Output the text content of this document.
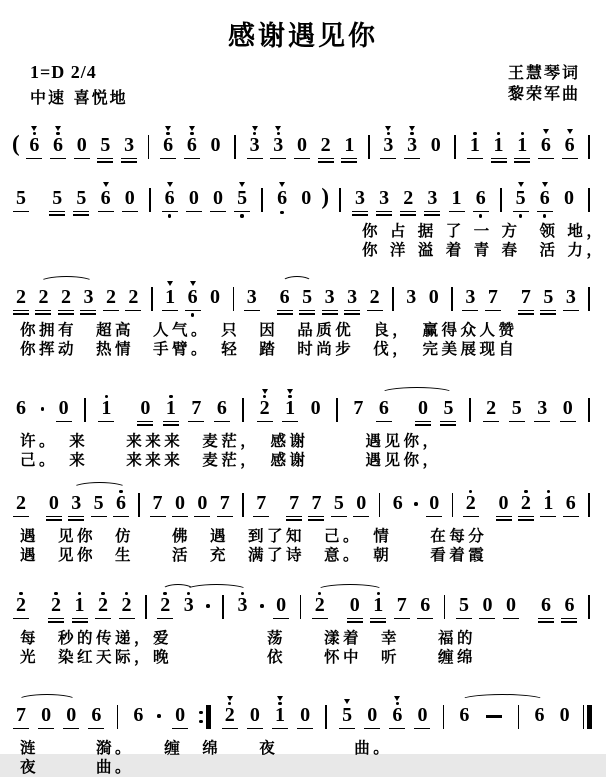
感谢遇见你
1=D 2/4
中速 喜悦地
王慧琴词
黎荣军曲
( 6 6 0 5 3 6 6 0 3 3 0 2 1 3 3 0 1 1 1 6 6
5 5 5 6 0 6 0 0 5 6 0 ) 3 3 2 3 1 6 5 6 0
你 占 据 了 一 方　领 地，
你 洋 溢 着 青 春　活 力，
2 2 2 3 2 2 1 6 0 3 6 5 3 3 2 3 0 3 7 7 5 3
你拥有　超高　人气。　只　因　品质优　良，　赢得众人赞
你挥动　热情　手臂。　轻　踏　时尚步　伐，　完美展现自
6 0 1 0 1 7 6 2 1 0 7 6 0 5 2 5 3 0
许。　来　　来来来　麦茫，　感谢　　　遇见你，
己。　来　　来来来　麦茫，　感谢　　　遇见你，
2 0 3 5 6 7 0 0 7 7 7 7 5 0 6 0 2 0 2 1 6
遇　见你　仿　　佛　遇　到了知　己。　情　　在每分
遇　见你　生　　活　充　满了诗　意。　朝　　看着霞
2 2 1 2 2 2 3 3 0 2 0 1 7 6 5 0 0 6 6
每　秒的传递，爱　　　　　荡　　漾着　幸　　福的
光　染红天际，晚　　　　　依　　怀中　听　　缠绵
7 0 0 6 6 0 2 0 1 0 5 0 6 0 6	6 0
涟　　　漪。　　缠　绵　　夜　　　　曲。
夜　　　曲。
